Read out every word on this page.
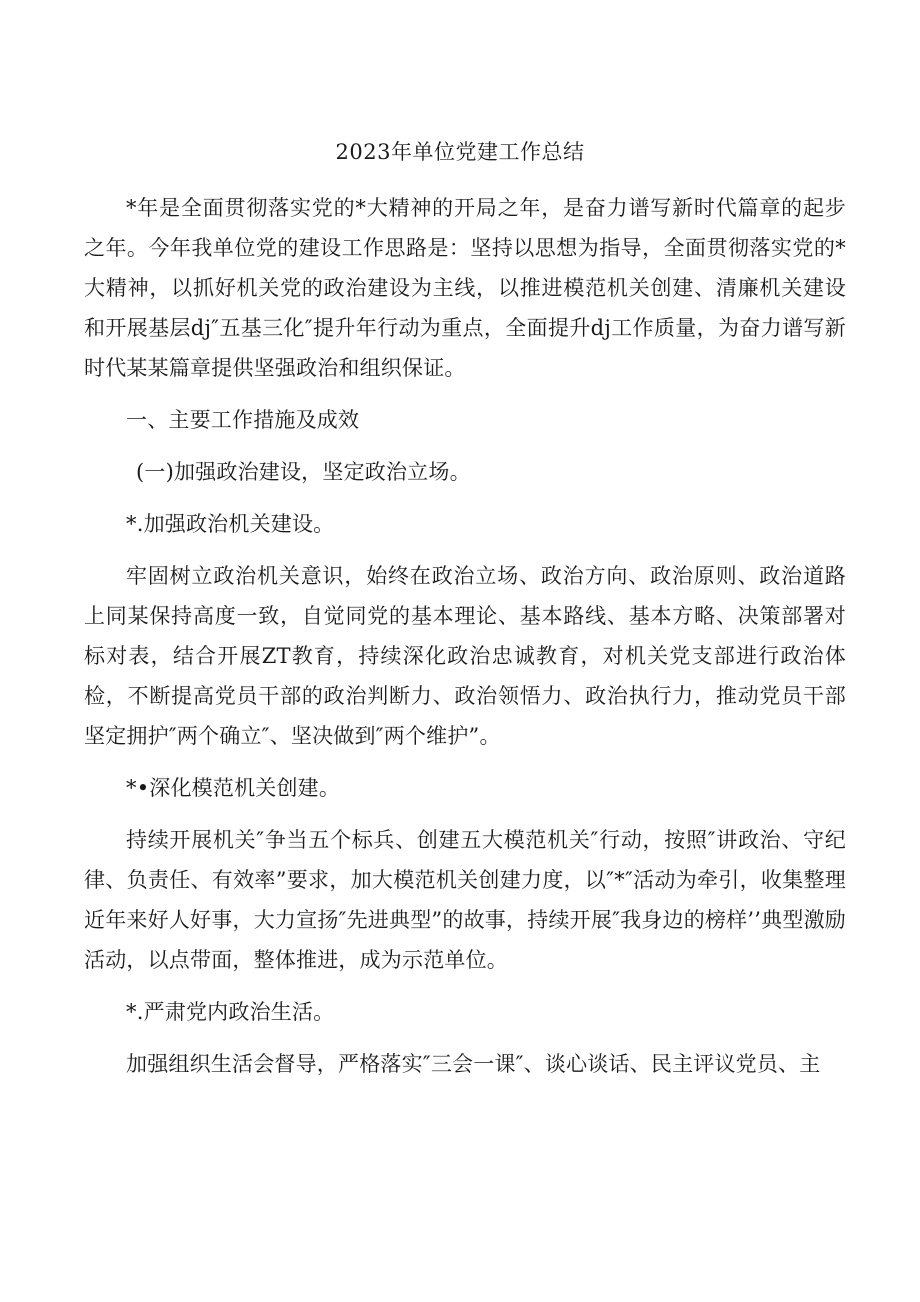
2023年单位党建工作总结

*年是全面贯彻落实党的*大精神的开局之年，是奋力谱写新时代篇章的起步之年。今年我单位党的建设工作思路是：坚持以思想为指导，全面贯彻落实党的*大精神，以抓好机关党的政治建设为主线，以推进模范机关创建、清廉机关建设和开展基层dj″五基三化″提升年行动为重点，全面提升dj工作质量，为奋力谱写新时代某某篇章提供坚强政治和组织保证。

一、主要工作措施及成效

(一)加强政治建设，坚定政治立场。

*.加强政治机关建设。

牢固树立政治机关意识，始终在政治立场、政治方向、政治原则、政治道路上同某保持高度一致，自觉同党的基本理论、基本路线、基本方略、决策部署对标对表，结合开展ZT教育，持续深化政治忠诚教育，对机关党支部进行政治体检，不断提高党员干部的政治判断力、政治领悟力、政治执行力，推动党员干部坚定拥护″两个确立″、坚决做到″两个维护”。

*•深化模范机关创建。

持续开展机关″争当五个标兵、创建五大模范机关″行动，按照″讲政治、守纪律、负责任、有效率”要求，加大模范机关创建力度，以″*″活动为牵引，收集整理近年来好人好事，大力宣扬″先进典型”的故事，持续开展″我身边的榜样’’典型激励活动，以点带面，整体推进，成为示范单位。

*.严肃党内政治生活。

加强组织生活会督导，严格落实″三会一课″、谈心谈话、民主评议党员、主
